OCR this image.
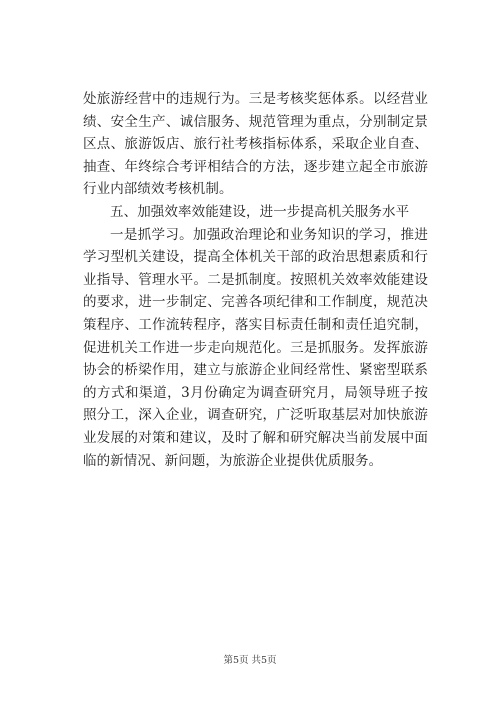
处旅游经营中的违规行为。三是考核奖惩体系。以经营业绩、安全生产、诚信服务、规范管理为重点，分别制定景区点、旅游饭店、旅行社考核指标体系，采取企业自查、抽查、年终综合考评相结合的方法，逐步建立起全市旅游行业内部绩效考核机制。

五、加强效率效能建设，进一步提高机关服务水平

一是抓学习。加强政治理论和业务知识的学习，推进学习型机关建设，提高全体机关干部的政治思想素质和行业指导、管理水平。二是抓制度。按照机关效率效能建设的要求，进一步制定、完善各项纪律和工作制度，规范决策程序、工作流转程序，落实目标责任制和责任追究制，促进机关工作进一步走向规范化。三是抓服务。发挥旅游协会的桥梁作用，建立与旅游企业间经常性、紧密型联系的方式和渠道，3月份确定为调查研究月，局领导班子按照分工，深入企业，调查研究，广泛听取基层对加快旅游业发展的对策和建议，及时了解和研究解决当前发展中面临的新情况、新问题，为旅游企业提供优质服务。

第5页 共5页
